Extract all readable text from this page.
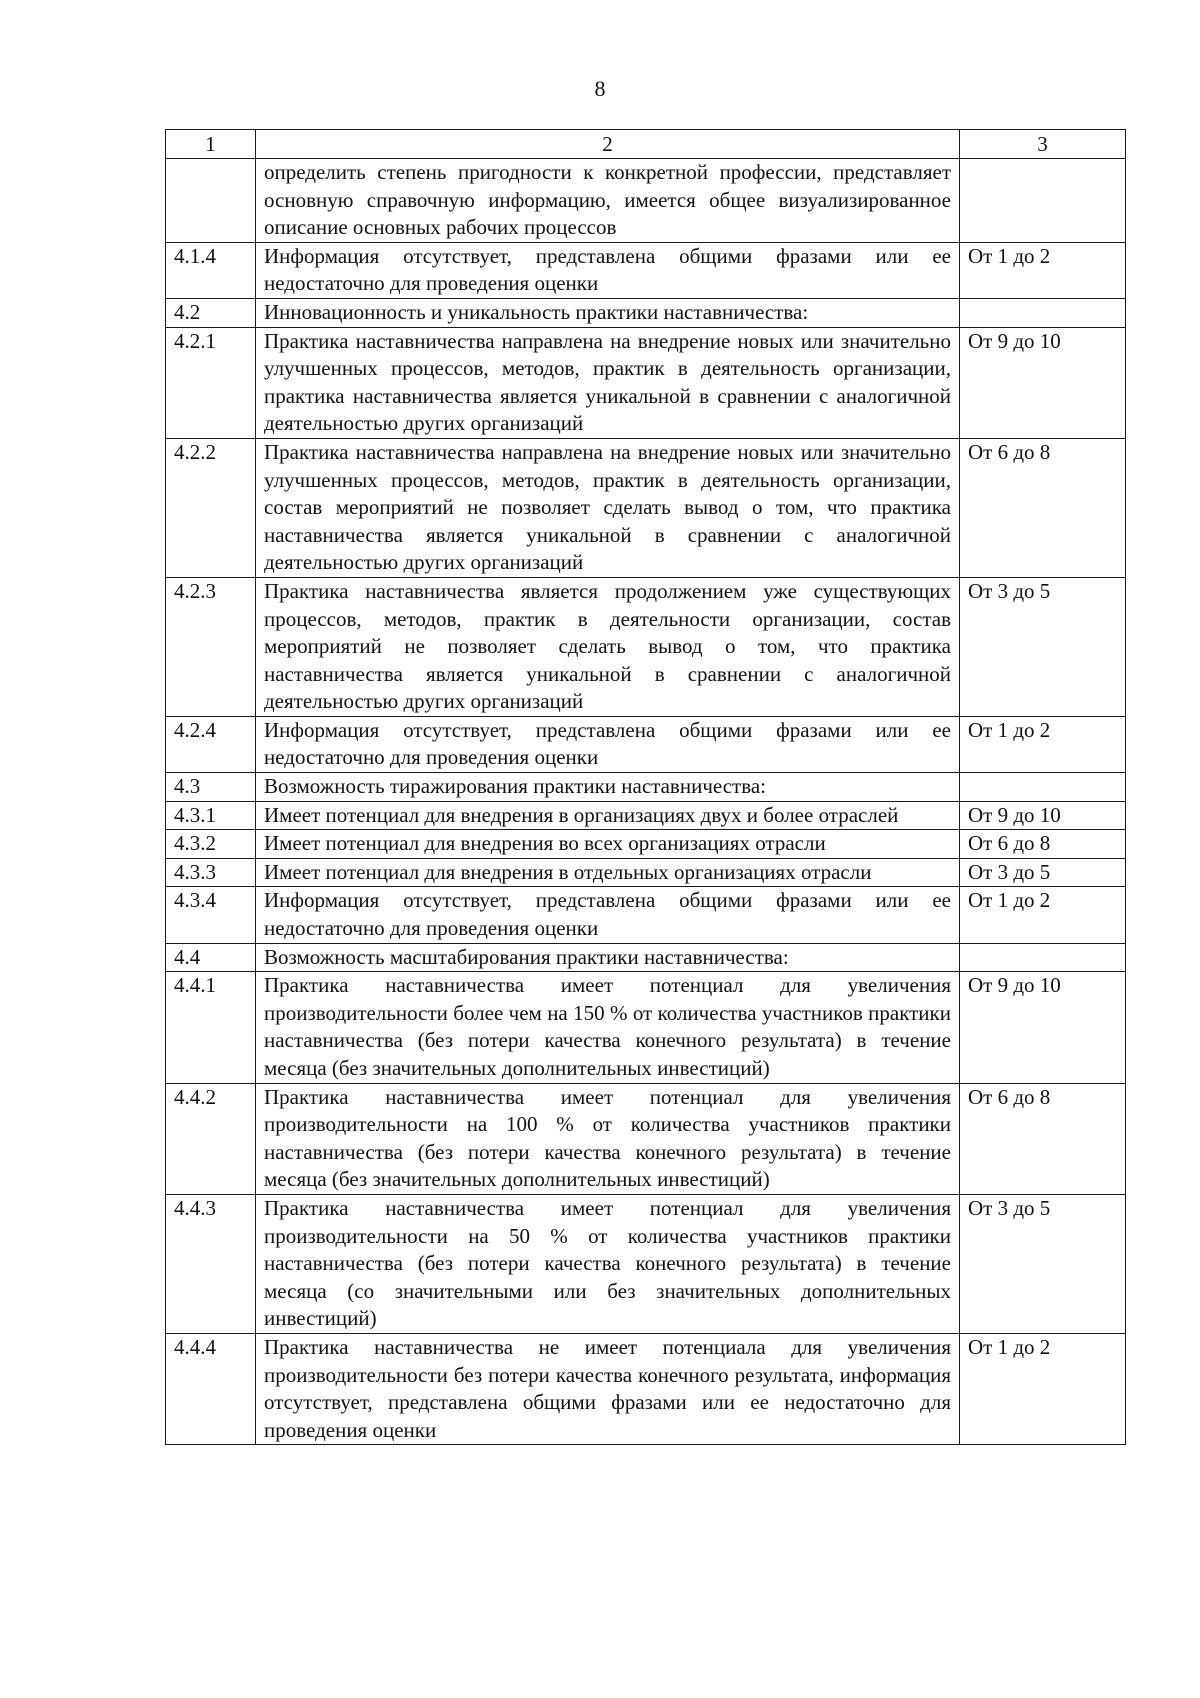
8
1	2	3
	определить степень пригодности к конкретной профессии, представляет основную справочную информацию, имеется общее визуализированное описание основных рабочих процессов	
4.1.4	Информация отсутствует, представлена общими фразами или ее недостаточно для проведения оценки	От 1 до 2
4.2	Инновационность и уникальность практики наставничества:	
4.2.1	Практика наставничества направлена на внедрение новых или значительно улучшенных процессов, методов, практик в деятельность организации, практика наставничества является уникальной в сравнении с аналогичной деятельностью других организаций	От 9 до 10
4.2.2	Практика наставничества направлена на внедрение новых или значительно улучшенных процессов, методов, практик в деятельность организации, состав мероприятий не позволяет сделать вывод о том, что практика наставничества является уникальной в сравнении с аналогичной деятельностью других организаций	От 6 до 8
4.2.3	Практика наставничества является продолжением уже существующих процессов, методов, практик в деятельности организации, состав мероприятий не позволяет сделать вывод о том, что практика наставничества является уникальной в сравнении с аналогичной деятельностью других организаций	От 3 до 5
4.2.4	Информация отсутствует, представлена общими фразами или ее недостаточно для проведения оценки	От 1 до 2
4.3	Возможность тиражирования практики наставничества:	
4.3.1	Имеет потенциал для внедрения в организациях двух и более отраслей	От 9 до 10
4.3.2	Имеет потенциал для внедрения во всех организациях отрасли	От 6 до 8
4.3.3	Имеет потенциал для внедрения в отдельных организациях отрасли	От 3 до 5
4.3.4	Информация отсутствует, представлена общими фразами или ее недостаточно для проведения оценки	От 1 до 2
4.4	Возможность масштабирования практики наставничества:	
4.4.1	Практика наставничества имеет потенциал для увеличения производительности более чем на 150 % от количества участников практики наставничества (без потери качества конечного результата) в течение месяца (без значительных дополнительных инвестиций)	От 9 до 10
4.4.2	Практика наставничества имеет потенциал для увеличения производительности на 100 % от количества участников практики наставничества (без потери качества конечного результата) в течение месяца (без значительных дополнительных инвестиций)	От 6 до 8
4.4.3	Практика наставничества имеет потенциал для увеличения производительности на 50 % от количества участников практики наставничества (без потери качества конечного результата) в течение месяца (со значительными или без значительных дополнительных инвестиций)	От 3 до 5
4.4.4	Практика наставничества не имеет потенциала для увеличения производительности без потери качества конечного результата, информация отсутствует, представлена общими фразами или ее недостаточно для проведения оценки	От 1 до 2
